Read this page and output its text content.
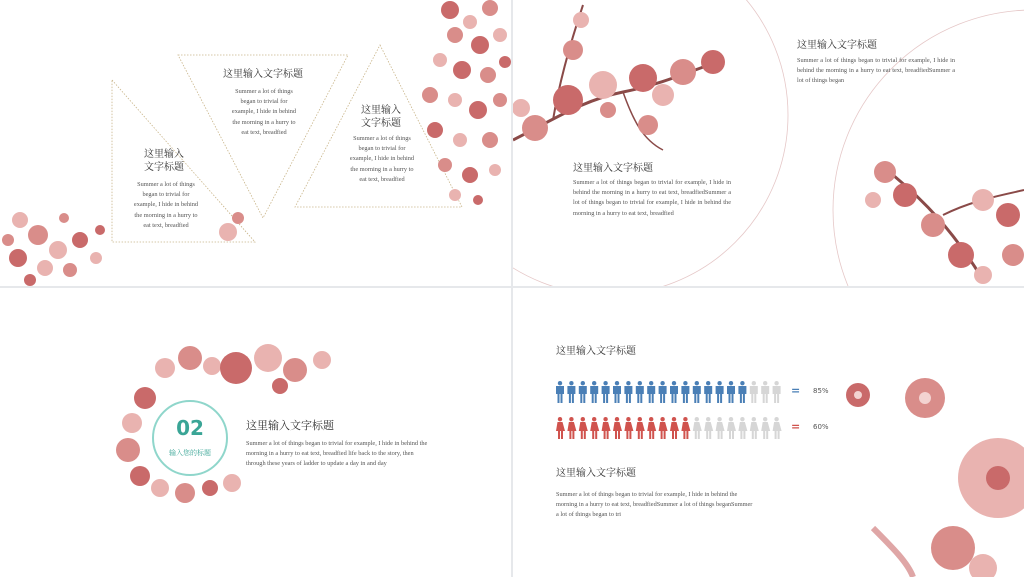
这里输入
文字标题
Summer a lot of things
began to trivial for
example, I hide in behind
the morning in a hurry to
eat text, breadfied
这里输入文字标题
Summer a lot of things
began to trivial for
example, I hide in behind
the morning in a hurry to
eat text, breadfied
这里输入
文字标题
Summer a lot of things
began to trivial for
example, I hide in behind
the morning in a hurry to
eat text, breadfied
这里输入文字标题
Summer a lot of things began to trivial for example, I hide in behind the morning in a hurry to eat text, breadfiedSummer a lot of things began
这里输入文字标题
Summer a lot of things began to trivial for example, I hide in behind the morning in a hurry to eat text, breadfiedSummer a lot of things began to trivial for example, I hide in behind the morning in a hurry to eat text, breadfied
02
输入您的标题
这里输入文字标题
Summer a lot of things began to trivial for example, I hide in behind the
morning in a hurry to eat text, breadfied life back to the story, then
through these years of ladder to update a day in and day
这里输入文字标题
= 85%
= 60%
这里输入文字标题
Summer a lot of things began to trivial for example, I hide in behind the
morning in a hurry to eat text, breadfiedSummer a lot of things beganSummer
a lot of things began to tri
